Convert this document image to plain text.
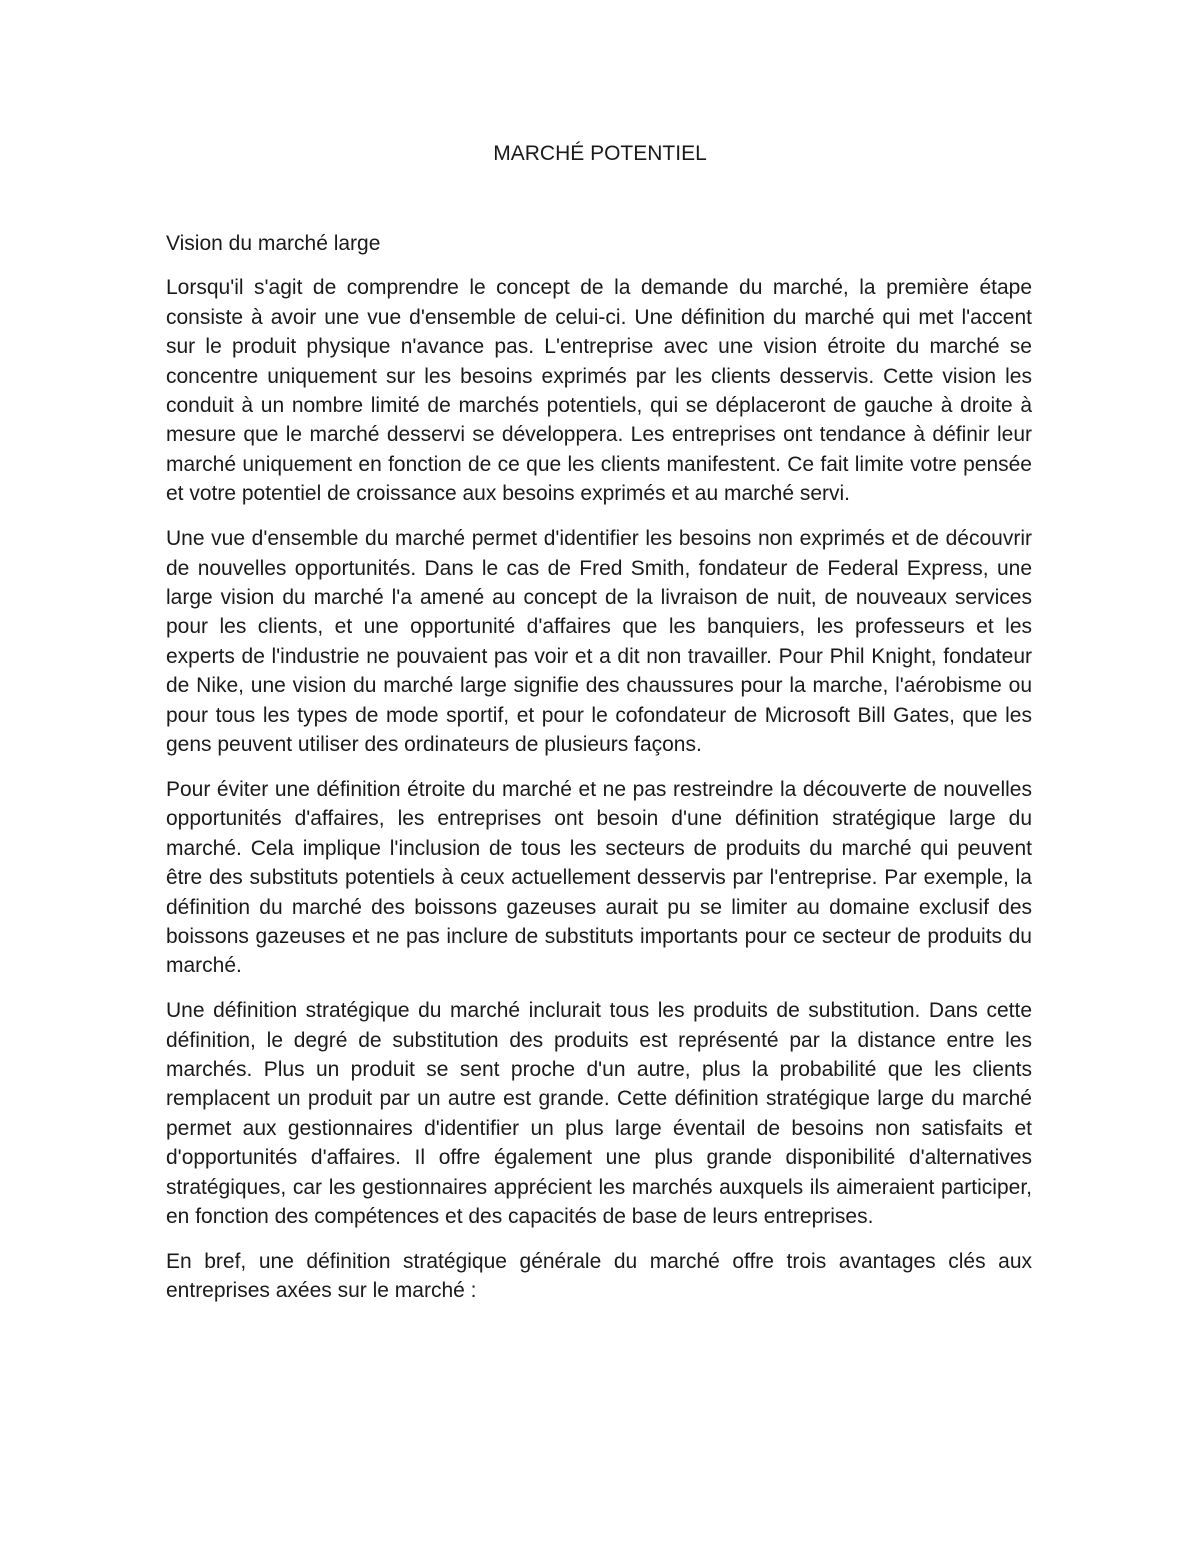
MARCHÉ POTENTIEL

Vision du marché large

Lorsqu'il s'agit de comprendre le concept de la demande du marché, la première étape consiste à avoir une vue d'ensemble de celui-ci. Une définition du marché qui met l'accent sur le produit physique n'avance pas. L'entreprise avec une vision étroite du marché se concentre uniquement sur les besoins exprimés par les clients desservis. Cette vision les conduit à un nombre limité de marchés potentiels, qui se déplaceront de gauche à droite à mesure que le marché desservi se développera. Les entreprises ont tendance à définir leur marché uniquement en fonction de ce que les clients manifestent. Ce fait limite votre pensée et votre potentiel de croissance aux besoins exprimés et au marché servi.

Une vue d'ensemble du marché permet d'identifier les besoins non exprimés et de découvrir de nouvelles opportunités. Dans le cas de Fred Smith, fondateur de Federal Express, une large vision du marché l'a amené au concept de la livraison de nuit, de nouveaux services pour les clients, et une opportunité d'affaires que les banquiers, les professeurs et les experts de l'industrie ne pouvaient pas voir et a dit non travailler. Pour Phil Knight, fondateur de Nike, une vision du marché large signifie des chaussures pour la marche, l'aérobisme ou pour tous les types de mode sportif, et pour le cofondateur de Microsoft Bill Gates, que les gens peuvent utiliser des ordinateurs de plusieurs façons.

Pour éviter une définition étroite du marché et ne pas restreindre la découverte de nouvelles opportunités d'affaires, les entreprises ont besoin d'une définition stratégique large du marché. Cela implique l'inclusion de tous les secteurs de produits du marché qui peuvent être des substituts potentiels à ceux actuellement desservis par l'entreprise. Par exemple, la définition du marché des boissons gazeuses aurait pu se limiter au domaine exclusif des boissons gazeuses et ne pas inclure de substituts importants pour ce secteur de produits du marché.

Une définition stratégique du marché inclurait tous les produits de substitution. Dans cette définition, le degré de substitution des produits est représenté par la distance entre les marchés. Plus un produit se sent proche d'un autre, plus la probabilité que les clients remplacent un produit par un autre est grande. Cette définition stratégique large du marché permet aux gestionnaires d'identifier un plus large éventail de besoins non satisfaits et d'opportunités d'affaires. Il offre également une plus grande disponibilité d'alternatives stratégiques, car les gestionnaires apprécient les marchés auxquels ils aimeraient participer, en fonction des compétences et des capacités de base de leurs entreprises.

En bref, une définition stratégique générale du marché offre trois avantages clés aux entreprises axées sur le marché :
